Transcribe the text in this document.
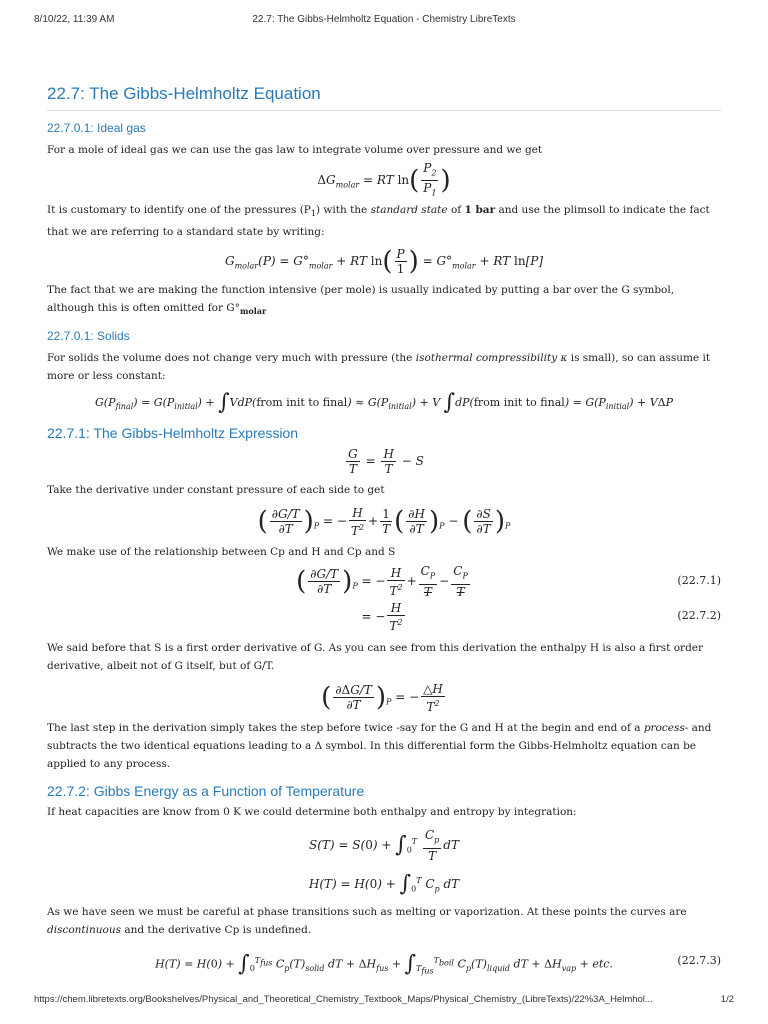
8/10/22, 11:39 AM	22.7: The Gibbs-Helmholtz Equation - Chemistry LibreTexts
22.7: The Gibbs-Helmholtz Equation
22.7.0.1: Ideal gas

For a mole of ideal gas we can use the gas law to integrate volume over pressure and we get

$\Delta G_{molar}$ = RT $\ln( \frac{P_2}{P_1}$ )

It is customary to identify one of the pressures $(P_1)$ with the standard state of 1 bar and use the plimsoll to indicate the fact that we are referring to a standard state by writing:

$G_{molar}(P) = G^\circ_{molar}$ + RT $\ln( \frac{P}{1}$ ) = $G^\circ_{molar}$ + RT ln[P]

The fact that we are making the function intensive (per mole) is usually indicated by putting a bar over the G symbol, although this is often omitted for $G^\circ_{molar}$

22.7.0.1: Solids

For solids the volume does not change very much with pressure (the isothermal compressibility κ is small), so can assume it more or less constant:

$G(P_{final}) = G(P_{initial})$ + ∫VdP(from init to final) ≈ $G(P_{initial}) + V$ ∫dP(from init to final) = $G(P_{initial}) + V\Delta P$
22.7.1: The Gibbs-Helmholtz Expression
$\frac{G}{T} = \frac{H}{T} - S$

Take the derivative under constant pressure of each side to get

( $\frac{\partial G/T}{\partial T} )_P$ = − $\frac{H}{T^2} + \frac{1}{T}$ ( $\frac{\partial H}{\partial T} )_P$ − ( $\frac{\partial S}{\partial T} )_P$

We make use of the relationship between Cp and H and Cp and S

( $\frac{\partial G/T}{\partial T} )_P$ = − $\frac{H}{T^2} + \frac{C_P}{T} - \frac{C_P}{T}$	(22.7.1)
= − $\frac{H}{T^2}$	(22.7.2)

We said before that S is a first order derivative of G. As you can see from this derivation the enthalpy H is also a first order derivative, albeit not of G itself, but of G/T.

( $\frac{\partial\Delta G/T}{\partial T} )_P$ = − $\frac{\triangle H}{T^2}$

The last step in the derivation simply takes the step before twice -say for the G and H at the begin and end of a process- and subtracts the two identical equations leading to a Δ symbol. In this differential form the Gibbs-Helmholtz equation can be applied to any process.

22.7.2: Gibbs Energy as a Function of Temperature

If heat capacities are know from 0 K we could determine both enthalpy and entropy by integration:

$S(T) = S(0) + \int_0^T \frac{C_p}{T}$ dT
$H(T) = H(0) + \int_0^T$ $C_p$ dT

As we have seen we must be careful at phase transitions such as melting or vaporization. At these points the curves are discontinuous and the derivative Cp is undefined.

$H(T) = H(0) + \int_0^{T_{fus}}$ $C_p(T)_{solid}$ dT + $\Delta H_{fus} + \int_{T_{fus}}^{T_{boil}}$ $C_p(T)_{liquid}$ dT + $\Delta H_{vap}$ + etc.	(22.7.3)
https://chem.libretexts.org/Bookshelves/Physical_and_Theoretical_Chemistry_Textbook_Maps/Physical_Chemistry_(LibreTexts)/22%3A_Helmhol...	1/2
